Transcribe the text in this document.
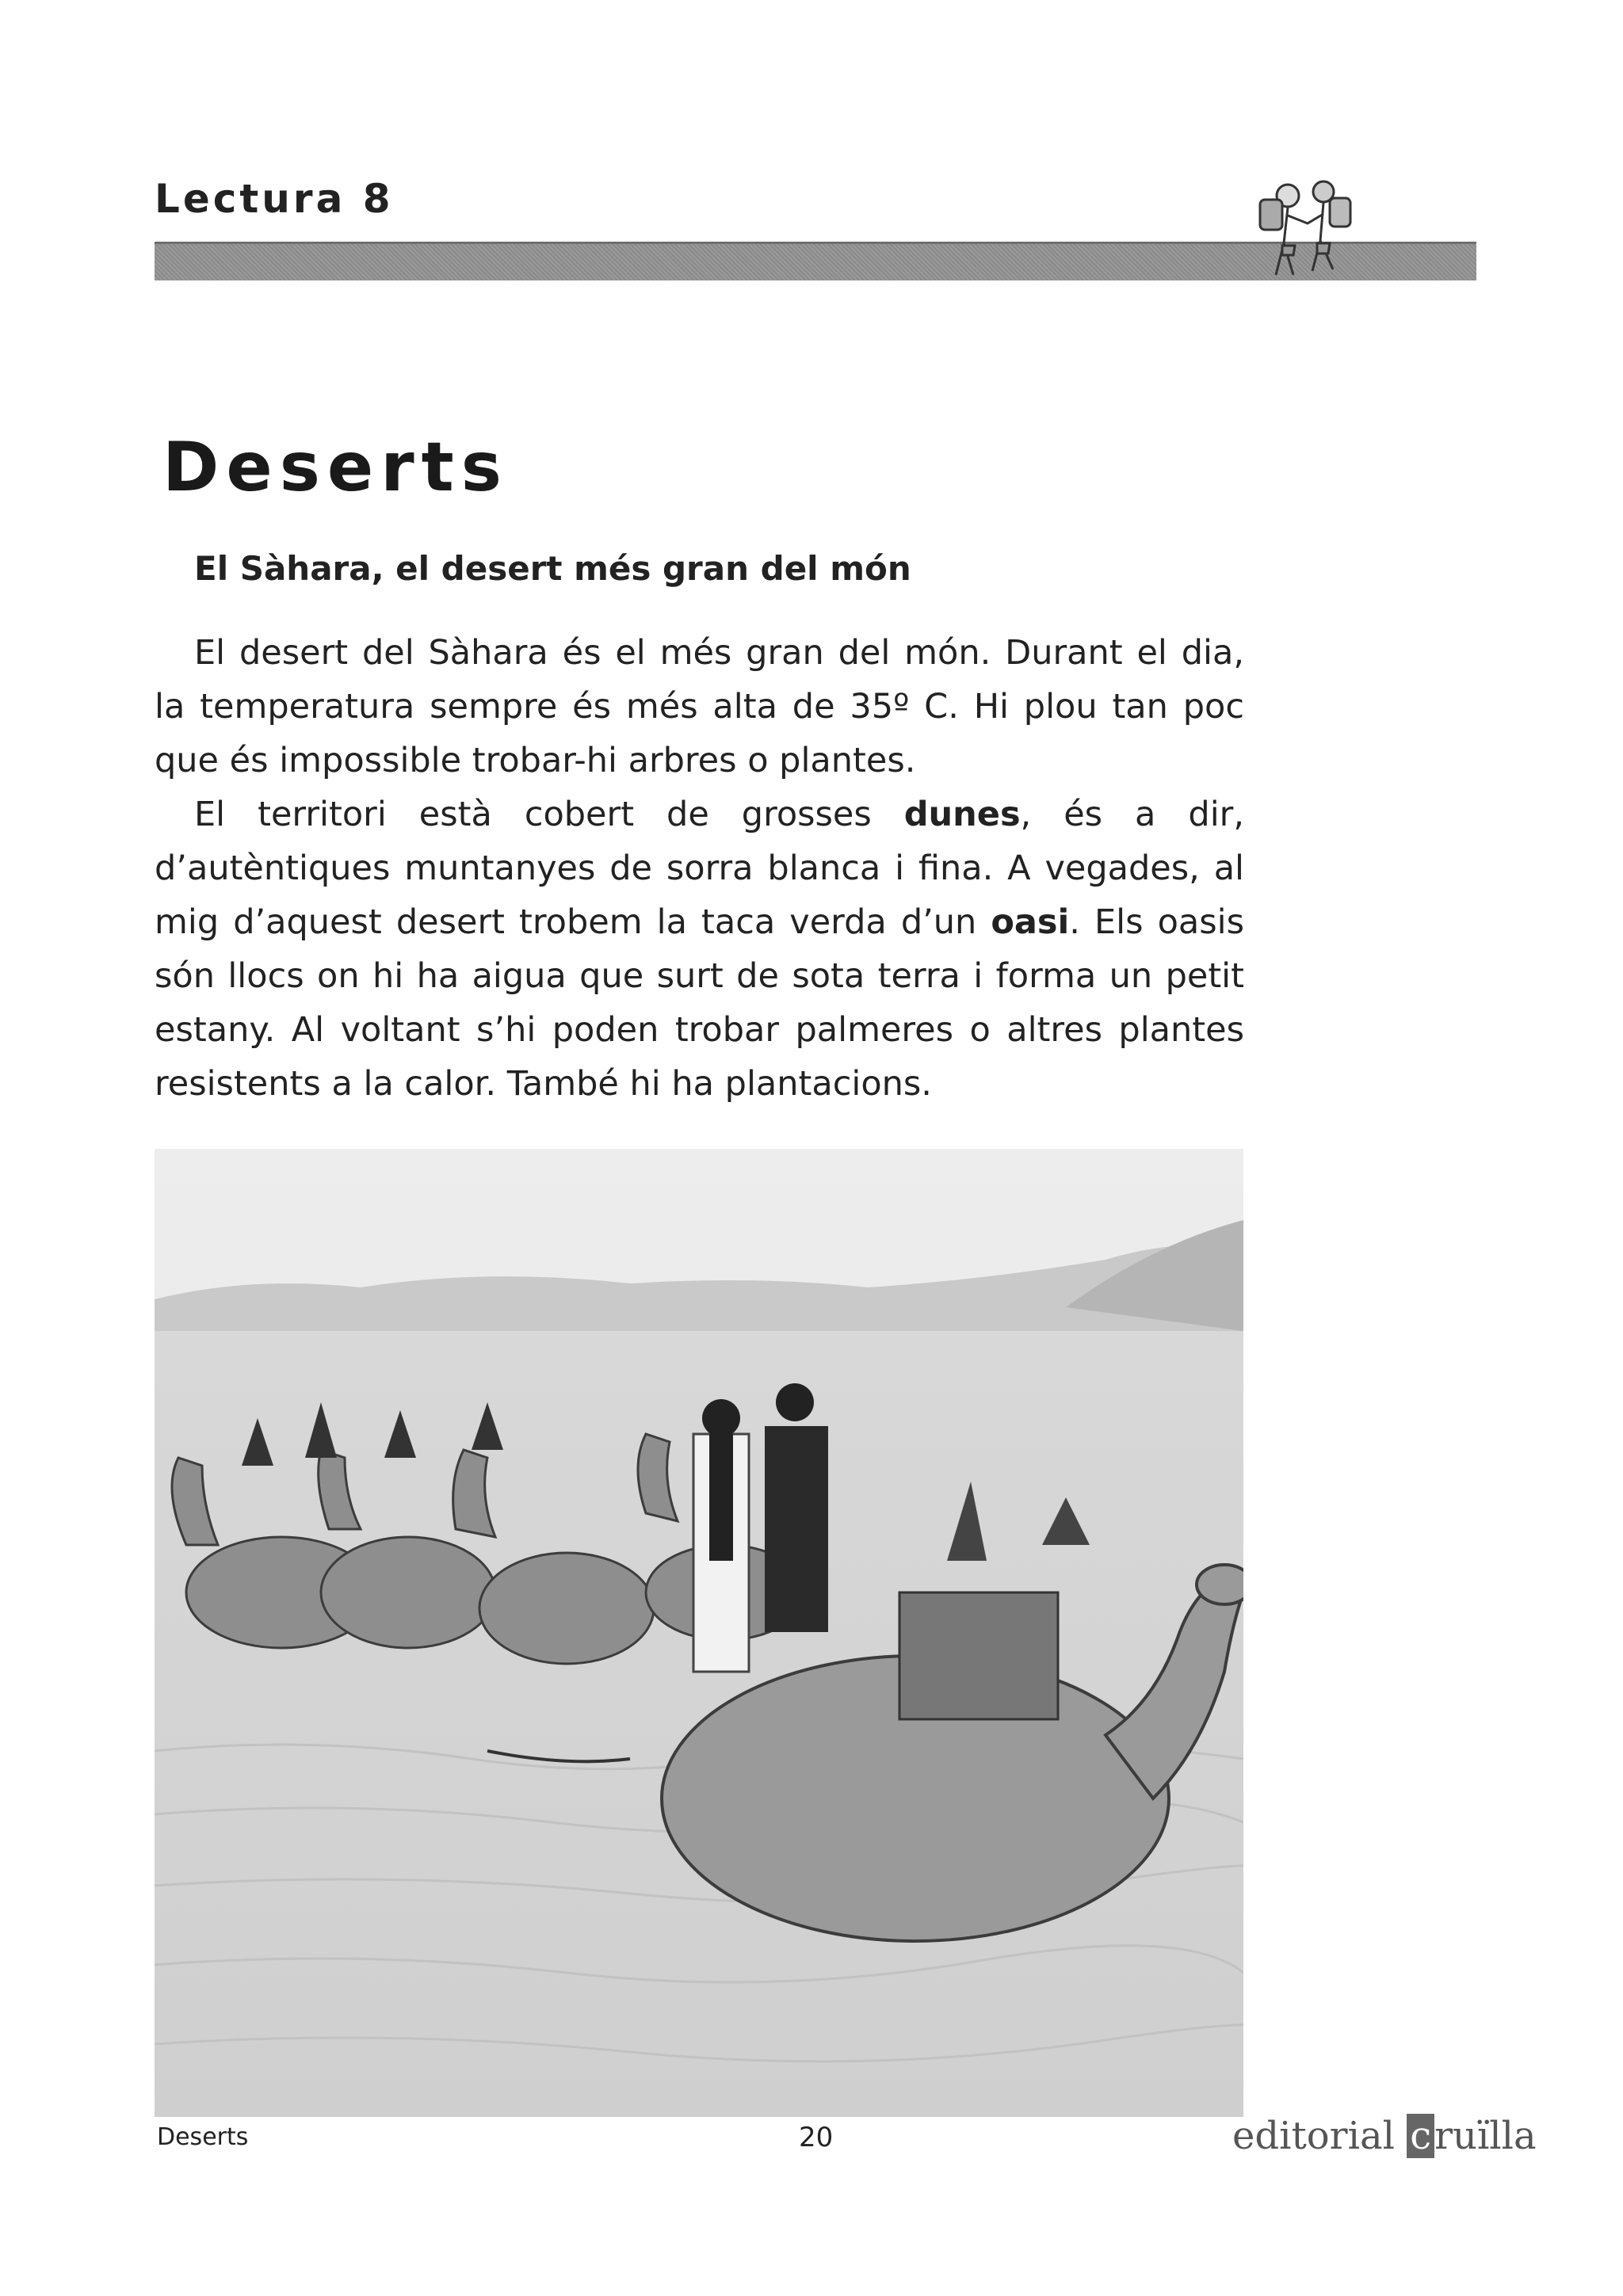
Lectura 8
Deserts
El Sàhara, el desert més gran del món

El desert del Sàhara és el més gran del món. Durant el dia, la temperatura sempre és més alta de 35º C. Hi plou tan poc que és impossible trobar-hi arbres o plantes.

El territori està cobert de grosses dunes, és a dir, d’autèntiques muntanyes de sorra blanca i fina. A vegades, al mig d’aquest desert trobem la taca verda d’un oasi. Els oasis són llocs on hi ha aigua que surt de sota terra i forma un petit estany. Al voltant s’hi poden trobar palmeres o altres plantes resistents a la calor. També hi ha plantacions.

Deserts	20	editorial cruïlla
